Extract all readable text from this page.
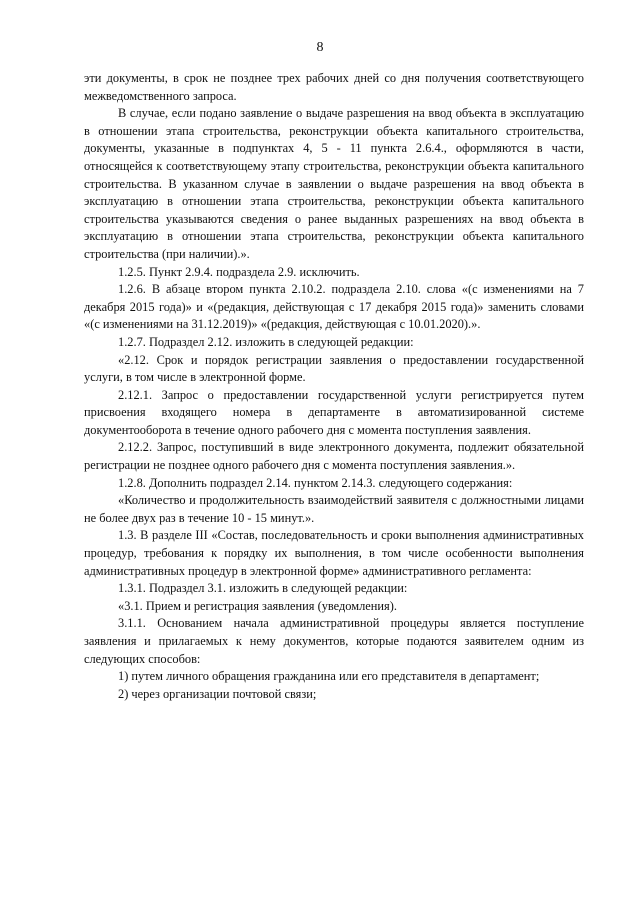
8

эти документы, в срок не позднее трех рабочих дней со дня получения соответствующего межведомственного запроса.

В случае, если подано заявление о выдаче разрешения на ввод объекта в эксплуатацию в отношении этапа строительства, реконструкции объекта капитального строительства, документы, указанные в подпунктах 4, 5 - 11 пункта 2.6.4., оформляются в части, относящейся к соответствующему этапу строительства, реконструкции объекта капитального строительства. В указанном случае в заявлении о выдаче разрешения на ввод объекта в эксплуатацию в отношении этапа строительства, реконструкции объекта капитального строительства указываются сведения о ранее выданных разрешениях на ввод объекта в эксплуатацию в отношении этапа строительства, реконструкции объекта капитального строительства (при наличии).».

1.2.5. Пункт 2.9.4. подраздела 2.9. исключить.

1.2.6. В абзаце втором пункта 2.10.2. подраздела 2.10. слова «(с изменениями на 7 декабря 2015 года)» и «(редакция, действующая с 17 декабря 2015 года)» заменить словами «(с изменениями на 31.12.2019)» «(редакция, действующая с 10.01.2020).».

1.2.7. Подраздел 2.12. изложить в следующей редакции:

«2.12. Срок и порядок регистрации заявления о предоставлении государственной услуги, в том числе в электронной форме.

2.12.1. Запрос о предоставлении государственной услуги регистрируется путем присвоения входящего номера в департаменте в автоматизированной системе документооборота в течение одного рабочего дня с момента поступления заявления.

2.12.2. Запрос, поступивший в виде электронного документа, подлежит обязательной регистрации не позднее одного рабочего дня с момента поступления заявления.».

1.2.8. Дополнить подраздел 2.14. пунктом 2.14.3. следующего содержания:

«Количество и продолжительность взаимодействий заявителя с должностными лицами не более двух раз в течение 10 - 15 минут.».

1.3. В разделе III «Состав, последовательность и сроки выполнения административных процедур, требования к порядку их выполнения, в том числе особенности выполнения административных процедур в электронной форме» административного регламента:

1.3.1. Подраздел 3.1. изложить в следующей редакции:

«3.1. Прием и регистрация заявления (уведомления).

3.1.1. Основанием начала административной процедуры является поступление заявления и прилагаемых к нему документов, которые подаются заявителем одним из следующих способов:

1) путем личного обращения гражданина или его представителя в департамент;

2) через организации почтовой связи;
